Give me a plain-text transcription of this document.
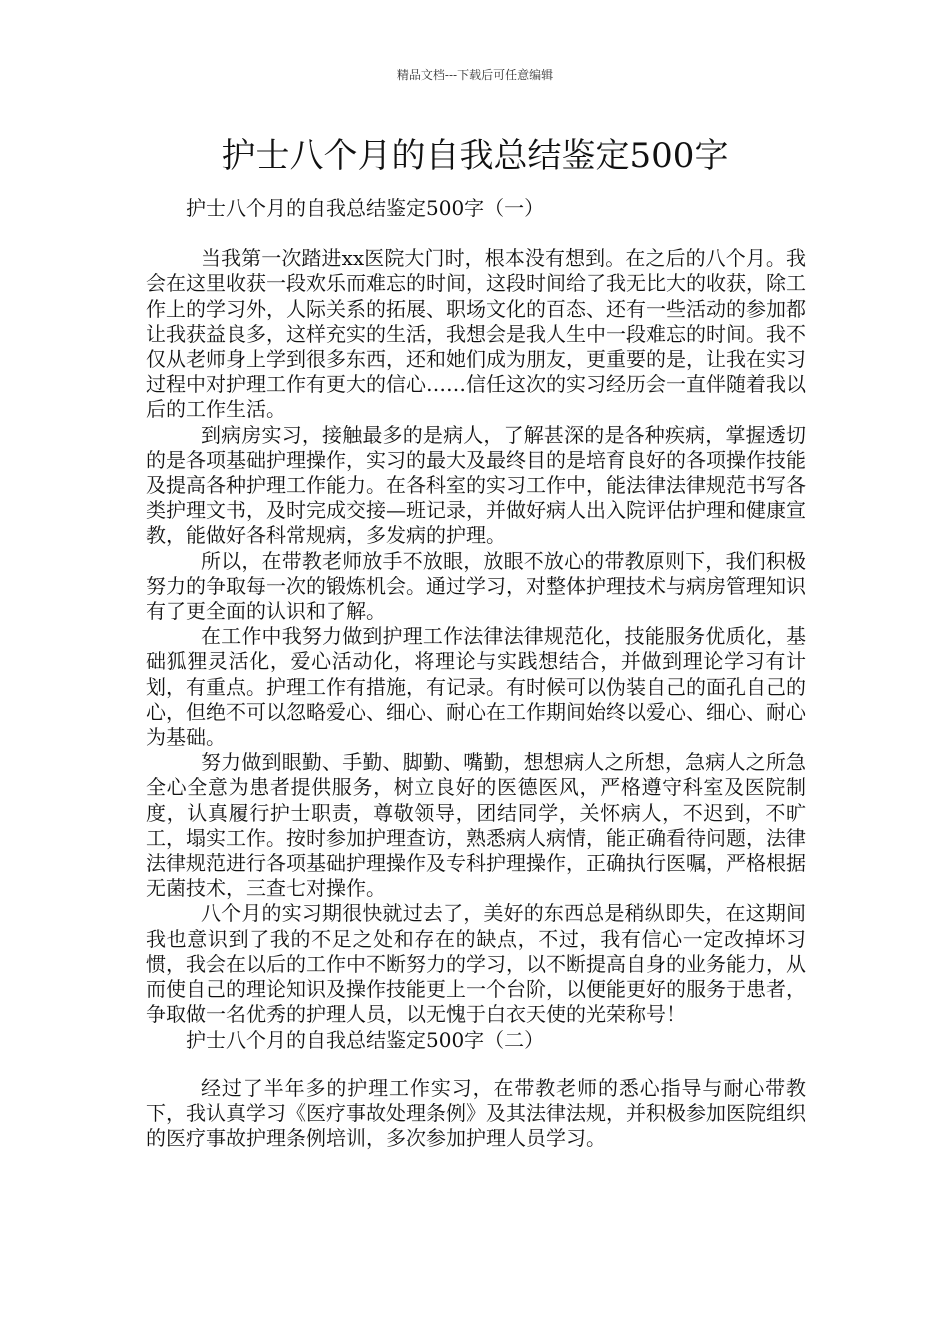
精品文档---下载后可任意编辑
护士八个月的自我总结鉴定500字

护士八个月的自我总结鉴定500字（一）

当我第一次踏进xx医院大门时，根本没有想到。在之后的八个月。我会在这里收获一段欢乐而难忘的时间，这段时间给了我无比大的收获，除工作上的学习外，人际关系的拓展、职场文化的百态、还有一些活动的参加都让我获益良多，这样充实的生活，我想会是我人生中一段难忘的时间。我不仅从老师身上学到很多东西，还和她们成为朋友，更重要的是，让我在实习过程中对护理工作有更大的信心……信任这次的实习经历会一直伴随着我以后的工作生活。

到病房实习，接触最多的是病人，了解甚深的是各种疾病，掌握透切的是各项基础护理操作，实习的最大及最终目的是培育良好的各项操作技能及提高各种护理工作能力。在各科室的实习工作中，能法律法律规范书写各类护理文书，及时完成交接—班记录，并做好病人出入院评估护理和健康宣教，能做好各科常规病，多发病的护理。

所以，在带教老师放手不放眼，放眼不放心的带教原则下，我们积极努力的争取每一次的锻炼机会。通过学习，对整体护理技术与病房管理知识有了更全面的认识和了解。

在工作中我努力做到护理工作法律法律规范化，技能服务优质化，基础狐狸灵活化，爱心活动化，将理论与实践想结合，并做到理论学习有计划，有重点。护理工作有措施，有记录。有时候可以伪装自己的面孔自己的心，但绝不可以忽略爱心、细心、耐心在工作期间始终以爱心、细心、耐心为基础。

努力做到眼勤、手勤、脚勤、嘴勤，想想病人之所想，急病人之所急全心全意为患者提供服务，树立良好的医德医风，严格遵守科室及医院制度，认真履行护士职责，尊敬领导，团结同学，关怀病人，不迟到，不旷工，塌实工作。按时参加护理查访，熟悉病人病情，能正确看待问题，法律法律规范进行各项基础护理操作及专科护理操作，正确执行医嘱，严格根据无菌技术，三查七对操作。

八个月的实习期很快就过去了，美好的东西总是稍纵即失，在这期间我也意识到了我的不足之处和存在的缺点，不过，我有信心一定改掉坏习惯，我会在以后的工作中不断努力的学习，以不断提高自身的业务能力，从而使自己的理论知识及操作技能更上一个台阶，以便能更好的服务于患者，争取做一名优秀的护理人员，以无愧于白衣天使的光荣称号！

护士八个月的自我总结鉴定500字（二）

经过了半年多的护理工作实习，在带教老师的悉心指导与耐心带教下，我认真学习《医疗事故处理条例》及其法律法规，并积极参加医院组织的医疗事故护理条例培训，多次参加护理人员学习。
